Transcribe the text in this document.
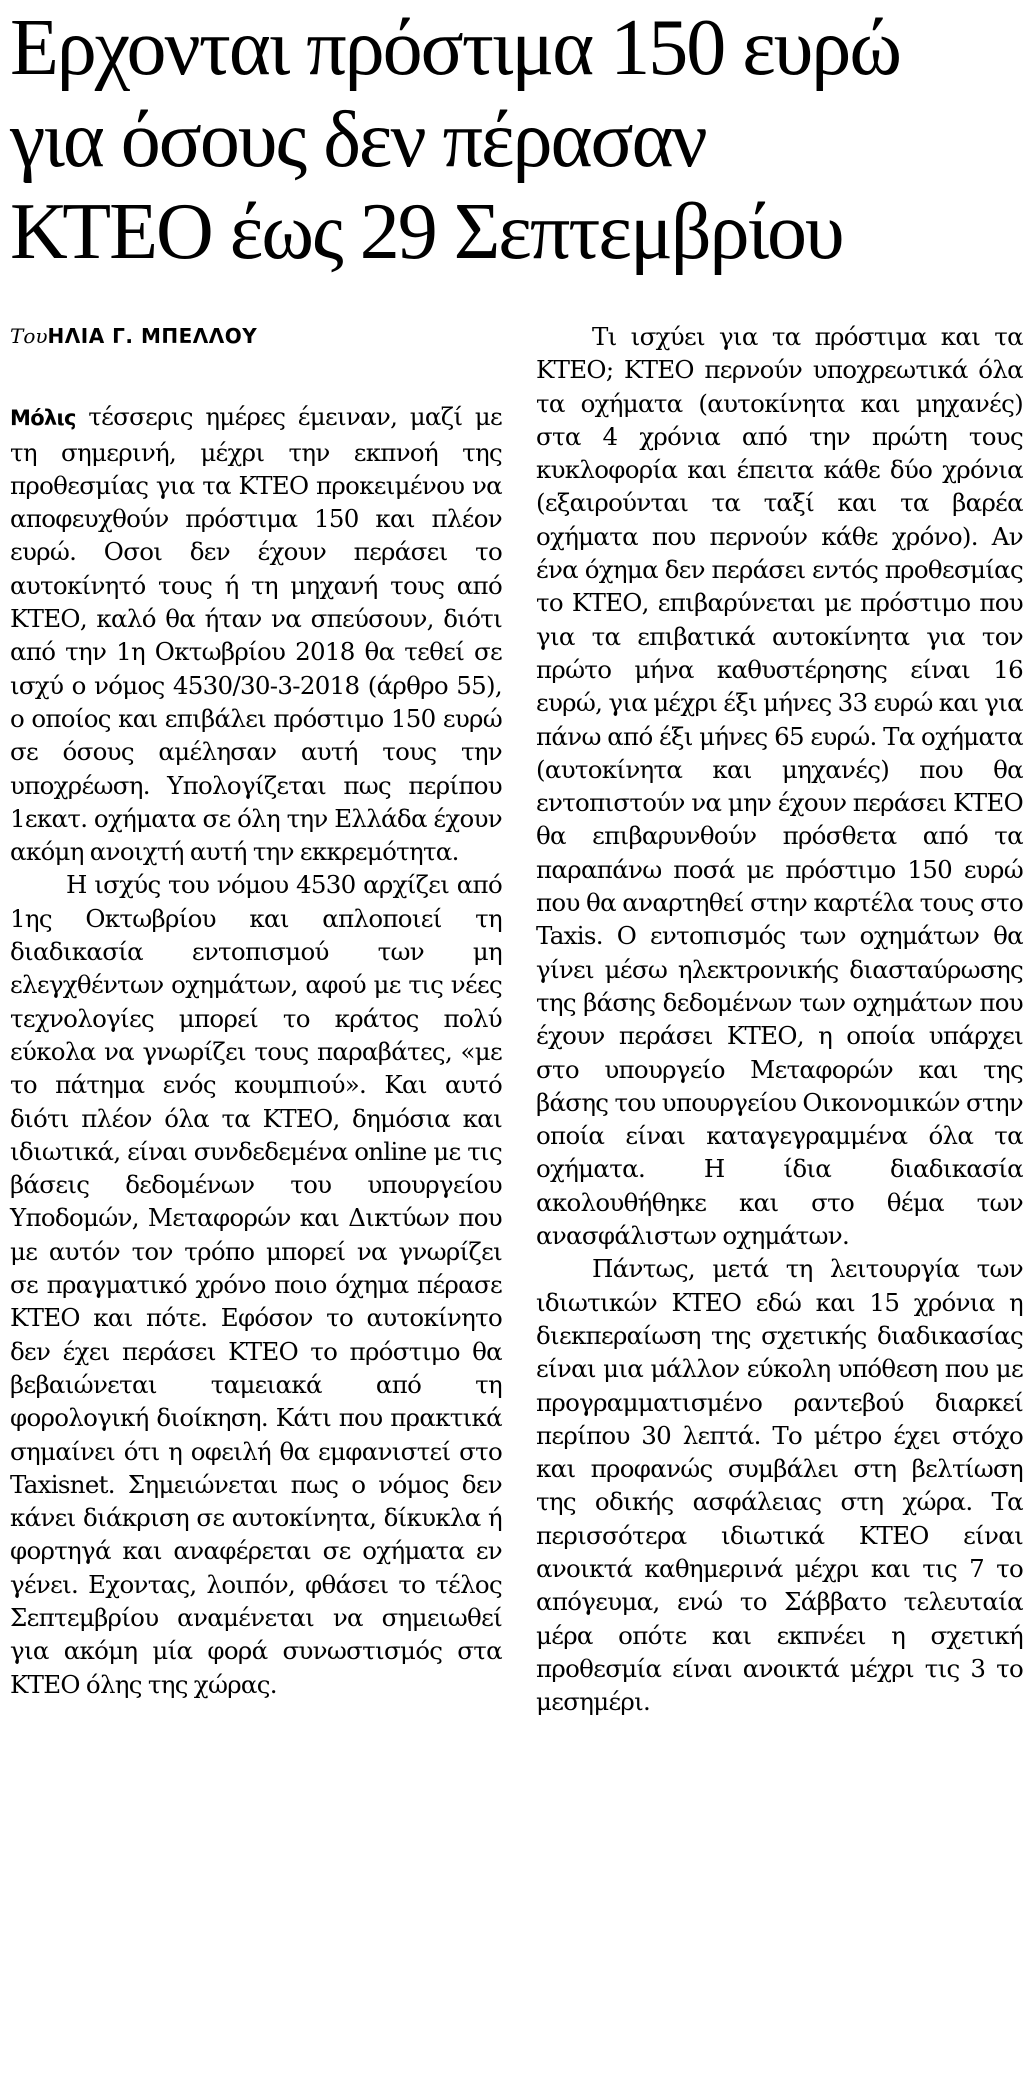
Ερχονται πρόστιμα 150 ευρώ
για όσους δεν πέρασαν
ΚΤΕΟ έως 29 Σεπτεμβρίου

ΤουΗΛΙΑ Γ. ΜΠΕΛΛΟΥ

Μόλις τέσσερις ημέρες έμειναν, μαζί με τη σημερινή, μέχρι την εκπνοή της προθεσμίας για τα ΚΤΕΟ προκειμένου να αποφευχθούν πρόστιμα 150 και πλέον ευρώ. Οσοι δεν έχουν περάσει το αυτοκίνητό τους ή τη μηχανή τους από ΚΤΕΟ, καλό θα ήταν να σπεύσουν, διότι από την 1η Οκτωβρίου 2018 θα τεθεί σε ισχύ ο νόμος 4530/30-3-2018 (άρθρο 55), ο οποίος και επιβάλει πρόστιμο 150 ευρώ σε όσους αμέλησαν αυτή τους την υποχρέωση. Υπολογίζεται πως περίπου 1εκατ. οχήματα σε όλη την Ελλάδα έχουν ακόμη ανοιχτή αυτή την εκκρεμότητα.

Η ισχύς του νόμου 4530 αρχίζει από 1ης Οκτωβρίου και απλοποιεί τη διαδικασία εντοπισμού των μη ελεγχθέντων οχημάτων, αφού με τις νέες τεχνολογίες μπορεί το κράτος πολύ εύκολα να γνωρίζει τους παραβάτες, «με το πάτημα ενός κουμπιού». Και αυτό διότι πλέον όλα τα ΚΤΕΟ, δημόσια και ιδιωτικά, είναι συνδεδεμένα online με τις βάσεις δεδομένων του υπουργείου Υποδομών, Μεταφορών και Δικτύων που με αυτόν τον τρόπο μπορεί να γνωρίζει σε πραγματικό χρόνο ποιο όχημα πέρασε ΚΤΕΟ και πότε. Εφόσον το αυτοκίνητο δεν έχει περάσει ΚΤΕΟ το πρόστιμο θα βεβαιώνεται ταμειακά από τη φορολογική διοίκηση. Κάτι που πρακτικά σημαίνει ότι η οφειλή θα εμφανιστεί στο Taxisnet. Σημειώνεται πως ο νόμος δεν κάνει διάκριση σε αυτοκίνητα, δίκυκλα ή φορτηγά και αναφέρεται σε οχήματα εν γένει. Εχοντας, λοιπόν, φθάσει το τέλος Σεπτεμβρίου αναμένεται να σημειωθεί για ακόμη μία φορά συνωστισμός στα ΚΤΕΟ όλης της χώρας.

Τι ισχύει για τα πρόστιμα και τα ΚΤΕΟ; ΚΤΕΟ περνούν υποχρεωτικά όλα τα οχήματα (αυτοκίνητα και μηχανές) στα 4 χρόνια από την πρώτη τους κυκλοφορία και έπειτα κάθε δύο χρόνια (εξαιρούνται τα ταξί και τα βαρέα οχήματα που περνούν κάθε χρόνο). Αν ένα όχημα δεν περάσει εντός προθεσμίας το ΚΤΕΟ, επιβαρύνεται με πρόστιμο που για τα επιβατικά αυτοκίνητα για τον πρώτο μήνα καθυστέρησης είναι 16 ευρώ, για μέχρι έξι μήνες 33 ευρώ και για πάνω από έξι μήνες 65 ευρώ. Τα οχήματα (αυτοκίνητα και μηχανές) που θα εντοπιστούν να μην έχουν περάσει ΚΤΕΟ θα επιβαρυνθούν πρόσθετα από τα παραπάνω ποσά με πρόστιμο 150 ευρώ που θα αναρτηθεί στην καρτέλα τους στο Taxis. Ο εντοπισμός των οχημάτων θα γίνει μέσω ηλεκτρονικής διασταύρωσης της βάσης δεδομένων των οχημάτων που έχουν περάσει ΚΤΕΟ, η οποία υπάρχει στο υπουργείο Μεταφορών και της βάσης του υπουργείου Οικονομικών στην οποία είναι καταγεγραμμένα όλα τα οχήματα. Η ίδια διαδικασία ακολουθήθηκε και στο θέμα των ανασφάλιστων οχημάτων.

Πάντως, μετά τη λειτουργία των ιδιωτικών ΚΤΕΟ εδώ και 15 χρόνια η διεκπεραίωση της σχετικής διαδικασίας είναι μια μάλλον εύκολη υπόθεση που με προγραμματισμένο ραντεβού διαρκεί περίπου 30 λεπτά. Το μέτρο έχει στόχο και προφανώς συμβάλει στη βελτίωση της οδικής ασφάλειας στη χώρα. Τα περισσότερα ιδιωτικά ΚΤΕΟ είναι ανοικτά καθημερινά μέχρι και τις 7 το απόγευμα, ενώ το Σάββατο τελευταία μέρα οπότε και εκπνέει η σχετική προθεσμία είναι ανοικτά μέχρι τις 3 το μεσημέρι.
